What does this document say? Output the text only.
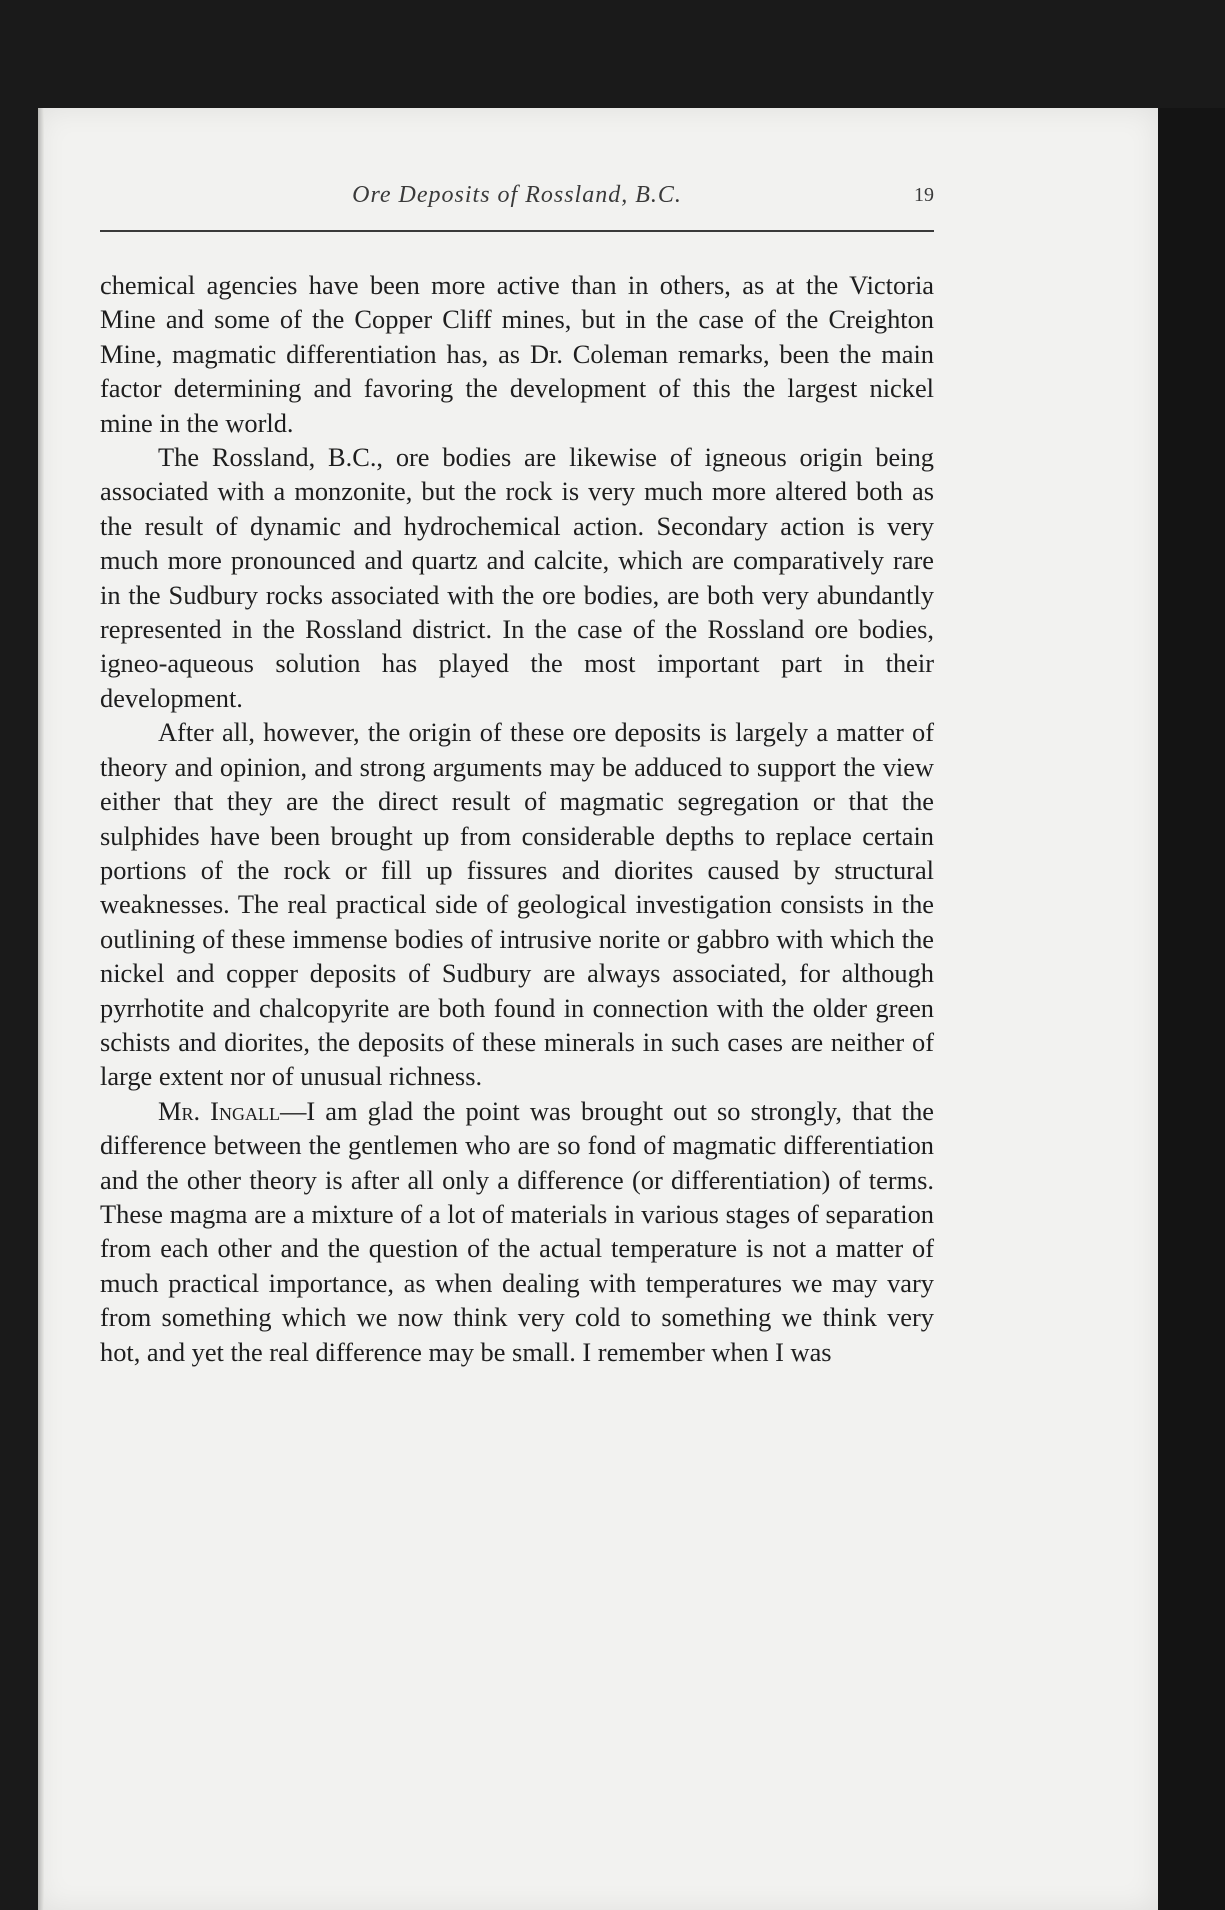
Ore Deposits of Rossland, B.C.	19

chemical agencies have been more active than in others, as at the Victoria Mine and some of the Copper Cliff mines, but in the case of the Creighton Mine, magmatic differentiation has, as Dr. Coleman remarks, been the main factor determining and favoring the development of this the largest nickel mine in the world.

The Rossland, B.C., ore bodies are likewise of igneous origin being associated with a monzonite, but the rock is very much more altered both as the result of dynamic and hydrochemical action. Secondary action is very much more pronounced and quartz and calcite, which are comparatively rare in the Sudbury rocks associated with the ore bodies, are both very abundantly represented in the Rossland district. In the case of the Rossland ore bodies, igneo-aqueous solution has played the most important part in their development.

After all, however, the origin of these ore deposits is largely a matter of theory and opinion, and strong arguments may be adduced to support the view either that they are the direct result of magmatic segregation or that the sulphides have been brought up from considerable depths to replace certain portions of the rock or fill up fissures and diorites caused by structural weaknesses. The real practical side of geological investigation consists in the outlining of these immense bodies of intrusive norite or gabbro with which the nickel and copper deposits of Sudbury are always associated, for although pyrrhotite and chalcopyrite are both found in connection with the older green schists and diorites, the deposits of these minerals in such cases are neither of large extent nor of unusual richness.

Mr. Ingall—I am glad the point was brought out so strongly, that the difference between the gentlemen who are so fond of magmatic differentiation and the other theory is after all only a difference (or differentiation) of terms. These magma are a mixture of a lot of materials in various stages of separation from each other and the question of the actual temperature is not a matter of much practical importance, as when dealing with temperatures we may vary from something which we now think very cold to something we think very hot, and yet the real difference may be small. I remember when I was
